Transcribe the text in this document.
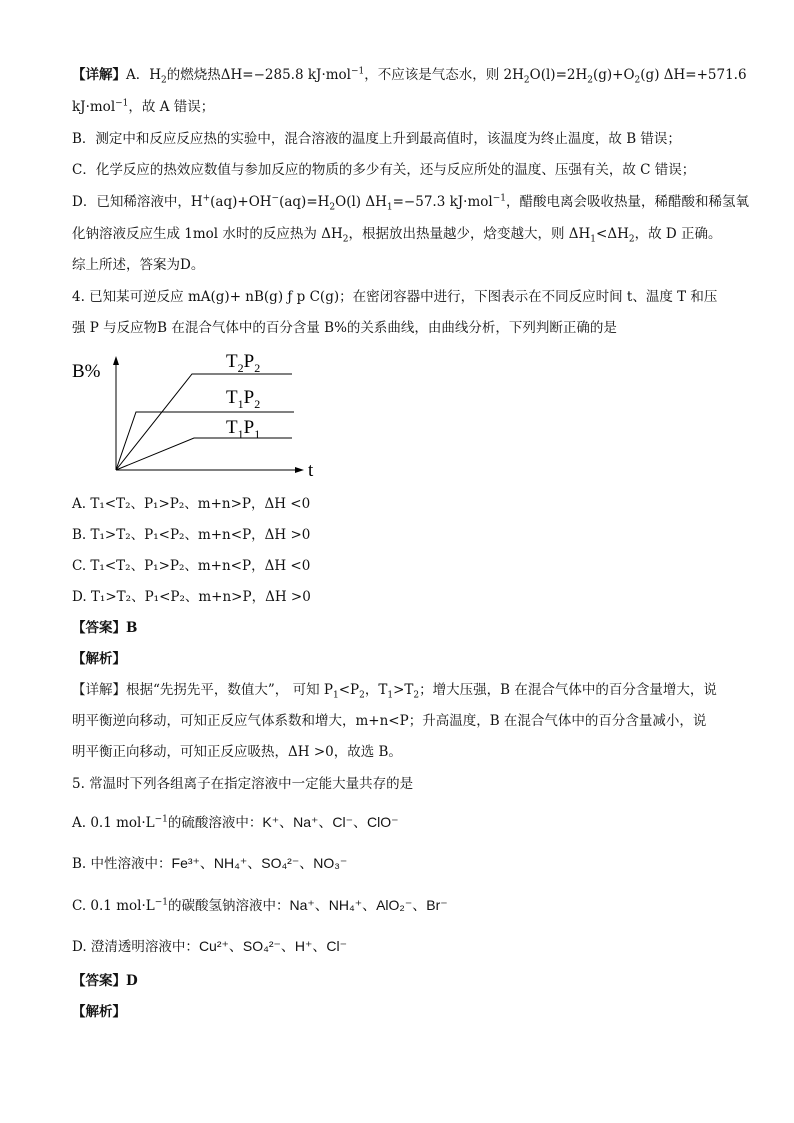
【详解】A．$H_2$的燃烧热ΔH=−285.8 kJ·mol$^{-1}$，不应该是气态水，则 $2H_2O(l)=2H_2(g)+O_2(g)$ ΔH=+571.6
kJ·mol$^{-1}$，故 A 错误；
B．测定中和反应反应热的实验中，混合溶液的温度上升到最高值时，该温度为终止温度，故 B 错误；
C．化学反应的热效应数值与参加反应的物质的多少有关，还与反应所处的温度、压强有关，故 C 错误；
D．已知稀溶液中，$H^+(aq)+OH^-(aq)=H_2O(l)$ $\Delta H_1=-57.3$ kJ·mol$^{-1}$，醋酸电离会吸收热量，稀醋酸和稀氢氧
化钠溶液反应生成 1mol 水时的反应热为 $\Delta H_2$，根据放出热量越少，焓变越大，则 $\Delta H_1<\Delta H_2$，故 D 正确。
综上所述，答案为D。
4. 已知某可逆反应 mA(g)+ nB(g) ƒ p C(g)；在密闭容器中进行，下图表示在不同反应时间 t、温度 T 和压
强 P 与反应物B 在混合气体中的百分含量 B%的关系曲线，由曲线分析，下列判断正确的是
B%
t
$T_2P_2$
$T_1P_2$
$T_1P_1$
A. T₁<T₂、P₁>P₂、m+n>P，ΔH <0
B. T₁>T₂、P₁<P₂、m+n<P，ΔH >0
C. T₁<T₂、P₁>P₂、m+n<P，ΔH <0
D. T₁>T₂、P₁<P₂、m+n>P，ΔH >0
【答案】B
【解析】
【详解】根据“先拐先平，数值大”， 可知 $P_1<P_2$，$T_1>T_2$；增大压强，B 在混合气体中的百分含量增大，说
明平衡逆向移动，可知正反应气体系数和增大，m+n<P；升高温度，B 在混合气体中的百分含量减小，说
明平衡正向移动，可知正反应吸热，ΔH >0，故选 B。
5. 常温时下列各组离子在指定溶液中一定能大量共存的是
A. 0.1 $mol\cdot L^{-1}$的硫酸溶液中：K⁺、Na⁺、Cl⁻、ClO⁻
B. 中性溶液中：Fe³⁺、NH₄⁺、SO₄²⁻、NO₃⁻
C. 0.1 $mol\cdot L^{-1}$的碳酸氢钠溶液中：Na⁺、NH₄⁺、AlO₂⁻、Br⁻
D. 澄清透明溶液中：Cu²⁺、SO₄²⁻、H⁺、Cl⁻
【答案】D
【解析】
